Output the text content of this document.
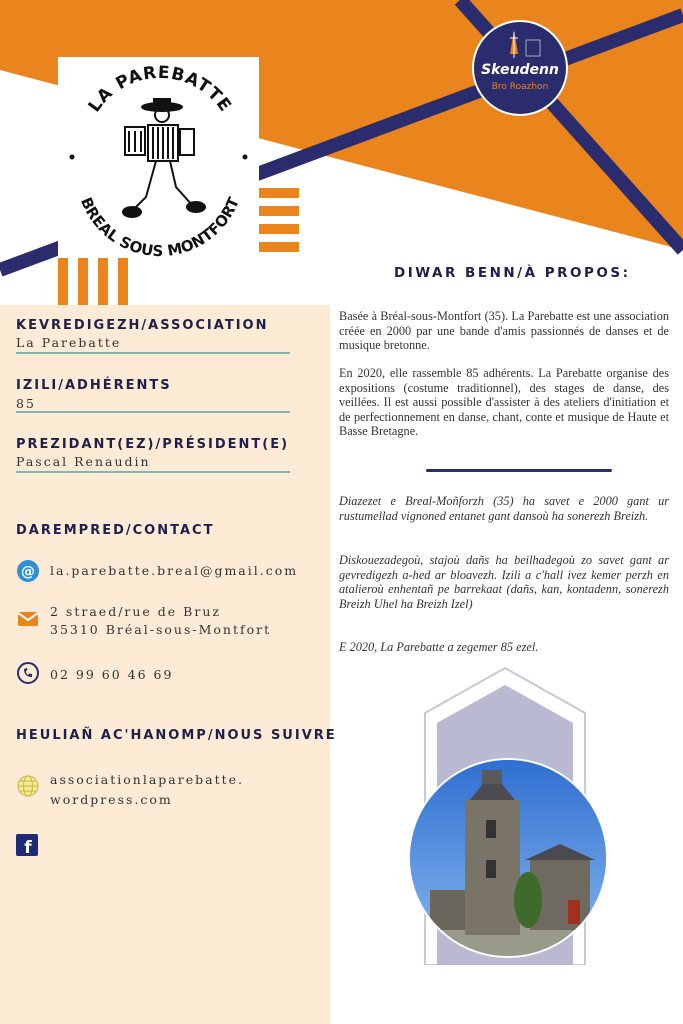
LA PAREBATTE
BREAL SOUS MONTFORT
Skeudenn
Bro Roazhon
KEVREDIGEZH/ASSOCIATION
La Parebatte
IZILI/ADHÉRENTS
85
PREZIDANT(EZ)/PRÉSIDENT(E)
Pascal Renaudin
DAREMPRED/CONTACT
@ la.parebatte.breal@gmail.com
2 straed/rue de Bruz
35310 Bréal-sous-Montfort
02 99 60 46 69
HEULIAÑ AC'HANOMP/NOUS SUIVRE
associationlaparebatte.
wordpress.com
f
DIWAR BENN/À PROPOS:

Basée à Bréal-sous-Montfort (35). La Parebatte est une association créée en 2000 par une bande d'amis passionnés de danses et de musique bretonne.

En 2020, elle rassemble 85 adhérents. La Parebatte organise des expositions (costume traditionnel), des stages de danse, des veillées. Il est aussi possible d'assister à des ateliers d'initiation et de perfectionnement en danse, chant, conte et musique de Haute et Basse Bretagne.

Diazezet e Breal-Moñforzh (35) ha savet e 2000 gant ur rustumellad vignoned entanet gant dansoù ha sonerezh Breizh.

Diskouezadegoù, stajoù dañs ha beilhadegoù zo savet gant ar gevredigezh a-hed ar bloavezh. Izili a c'hall ivez kemer perzh en atalieroù enhentañ pe barrekaat (dañs, kan, kontadenn, sonerezh Breizh Uhel ha Breizh Izel)

E 2020, La Parebatte a zegemer 85 ezel.
